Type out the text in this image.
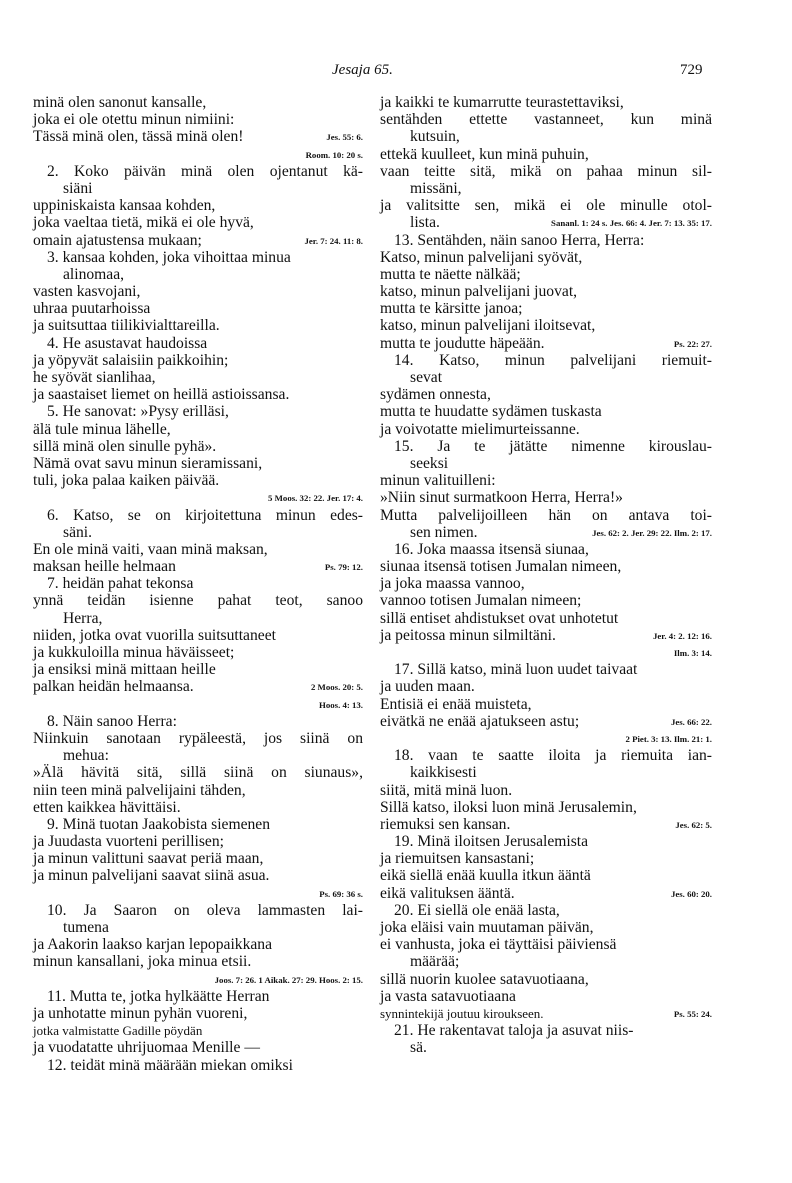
Jesaja 65.	729
minä olen sanonut kansalle,
joka ei ole otettu minun nimiini:
Tässä minä olen, tässä minä olen!	Jes. 55: 6.
Room. 10: 20 s.
2. Koko päivän minä olen ojentanut kä-
siäni
uppiniskaista kansaa kohden,
joka vaeltaa tietä, mikä ei ole hyvä,
omain ajatustensa mukaan;	Jer. 7: 24. 11: 8.
3. kansaa kohden, joka vihoittaa minua
alinomaa,
vasten kasvojani,
uhraa puutarhoissa
ja suitsuttaa tiilikivialttareilla.
4. He asustavat haudoissa
ja yöpyvät salaisiin paikkoihin;
he syövät sianlihaa,
ja saastaiset liemet on heillä astioissansa.
5. He sanovat: »Pysy erilläsi,
älä tule minua lähelle,
sillä minä olen sinulle pyhä».
Nämä ovat savu minun sieramissani,
tuli, joka palaa kaiken päivää.
5 Moos. 32: 22. Jer. 17: 4.
6. Katso, se on kirjoitettuna minun edes-
säni.
En ole minä vaiti, vaan minä maksan,
maksan heille helmaan	Ps. 79: 12.
7. heidän pahat tekonsa
ynnä teidän isienne pahat teot, sanoo
Herra,
niiden, jotka ovat vuorilla suitsuttaneet
ja kukkuloilla minua häväisseet;
ja ensiksi minä mittaan heille
palkan heidän helmaansa.	2 Moos. 20: 5.
Hoos. 4: 13.
8. Näin sanoo Herra:
Niinkuin sanotaan rypäleestä, jos siinä on
mehua:
»Älä hävitä sitä, sillä siinä on siunaus»,
niin teen minä palvelijaini tähden,
etten kaikkea hävittäisi.
9. Minä tuotan Jaakobista siemenen
ja Juudasta vuorteni perillisen;
ja minun valittuni saavat periä maan,
ja minun palvelijani saavat siinä asua.
Ps. 69: 36 s.
10. Ja Saaron on oleva lammasten lai-
tumena
ja Aakorin laakso karjan lepopaikkana
minun kansallani, joka minua etsii.
Joos. 7: 26. 1 Aikak. 27: 29. Hoos. 2: 15.
11. Mutta te, jotka hylkäätte Herran
ja unhotatte minun pyhän vuoreni,
jotka valmistatte Gadille pöydän
ja vuodatatte uhrijuomaa Menille —
12. teidät minä määrään miekan omiksi
ja kaikki te kumarrutte teurastettaviksi,
sentähden ettette vastanneet, kun minä
kutsuin,
ettekä kuulleet, kun minä puhuin,
vaan teitte sitä, mikä on pahaa minun sil-
missäni,
ja valitsitte sen, mikä ei ole minulle otol-
lista.	Sananl. 1: 24 s. Jes. 66: 4. Jer. 7: 13. 35: 17.
13. Sentähden, näin sanoo Herra, Herra:
Katso, minun palvelijani syövät,
mutta te näette nälkää;
katso, minun palvelijani juovat,
mutta te kärsitte janoa;
katso, minun palvelijani iloitsevat,
mutta te joudutte häpeään.	Ps. 22: 27.
14. Katso, minun palvelijani riemuit-
sevat
sydämen onnesta,
mutta te huudatte sydämen tuskasta
ja voivotatte mielimurteissanne.
15. Ja te jätätte nimenne kirouslau-
seeksi
minun valituilleni:
»Niin sinut surmatkoon Herra, Herra!»
Mutta palvelijoilleen hän on antava toi-
sen nimen.	Jes. 62: 2. Jer. 29: 22. Ilm. 2: 17.
16. Joka maassa itsensä siunaa,
siunaa itsensä totisen Jumalan nimeen,
ja joka maassa vannoo,
vannoo totisen Jumalan nimeen;
sillä entiset ahdistukset ovat unhotetut
ja peitossa minun silmiltäni.	Jer. 4: 2. 12: 16.
Ilm. 3: 14.
17. Sillä katso, minä luon uudet taivaat
ja uuden maan.
Entisiä ei enää muisteta,
eivätkä ne enää ajatukseen astu;	Jes. 66: 22.
2 Piet. 3: 13. Ilm. 21: 1.
18. vaan te saatte iloita ja riemuita ian-
kaikkisesti
siitä, mitä minä luon.
Sillä katso, iloksi luon minä Jerusalemin,
riemuksi sen kansan.	Jes. 62: 5.
19. Minä iloitsen Jerusalemista
ja riemuitsen kansastani;
eikä siellä enää kuulla itkun ääntä
eikä valituksen ääntä.	Jes. 60: 20.
20. Ei siellä ole enää lasta,
joka eläisi vain muutaman päivän,
ei vanhusta, joka ei täyttäisi päiviensä
määrää;
sillä nuorin kuolee satavuotiaana,
ja vasta satavuotiaana
synnintekijä joutuu kiroukseen.	Ps. 55: 24.
21. He rakentavat taloja ja asuvat niis-
sä.
